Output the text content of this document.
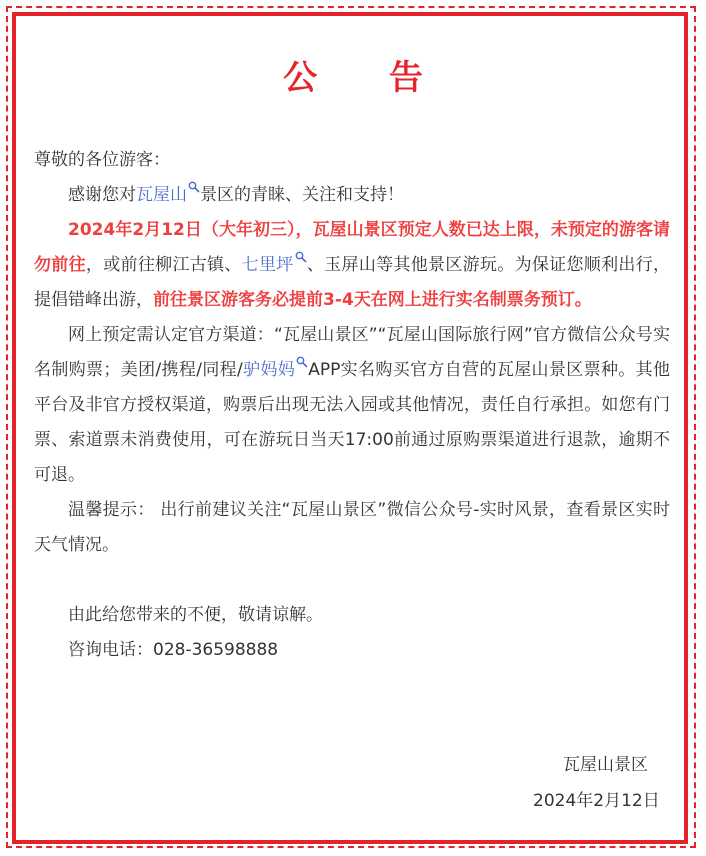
公 告

尊敬的各位游客：

感谢您对瓦屋山 景区的青睐、关注和支持！

2024年2月12日（大年初三），瓦屋山景区预定人数已达上限，未预定的游客请勿前往，或前往柳江古镇、七里坪 、玉屏山等其他景区游玩。为保证您顺利出行，提倡错峰出游，前往景区游客务必提前3-4天在网上进行实名制票务预订。

网上预定需认定官方渠道：“瓦屋山景区”“瓦屋山国际旅行网”官方微信公众号实名制购票；美团/携程/同程/驴妈妈 APP实名购买官方自营的瓦屋山景区票种。其他平台及非官方授权渠道，购票后出现无法入园或其他情况，责任自行承担。如您有门票、索道票未消费使用，可在游玩日当天17:00前通过原购票渠道进行退款，逾期不可退。

温馨提示： 出行前建议关注“瓦屋山景区”微信公众号-实时风景，查看景区实时天气情况。

由此给您带来的不便，敬请谅解。

咨询电话：028-36598888

瓦屋山景区
2024年2月12日
